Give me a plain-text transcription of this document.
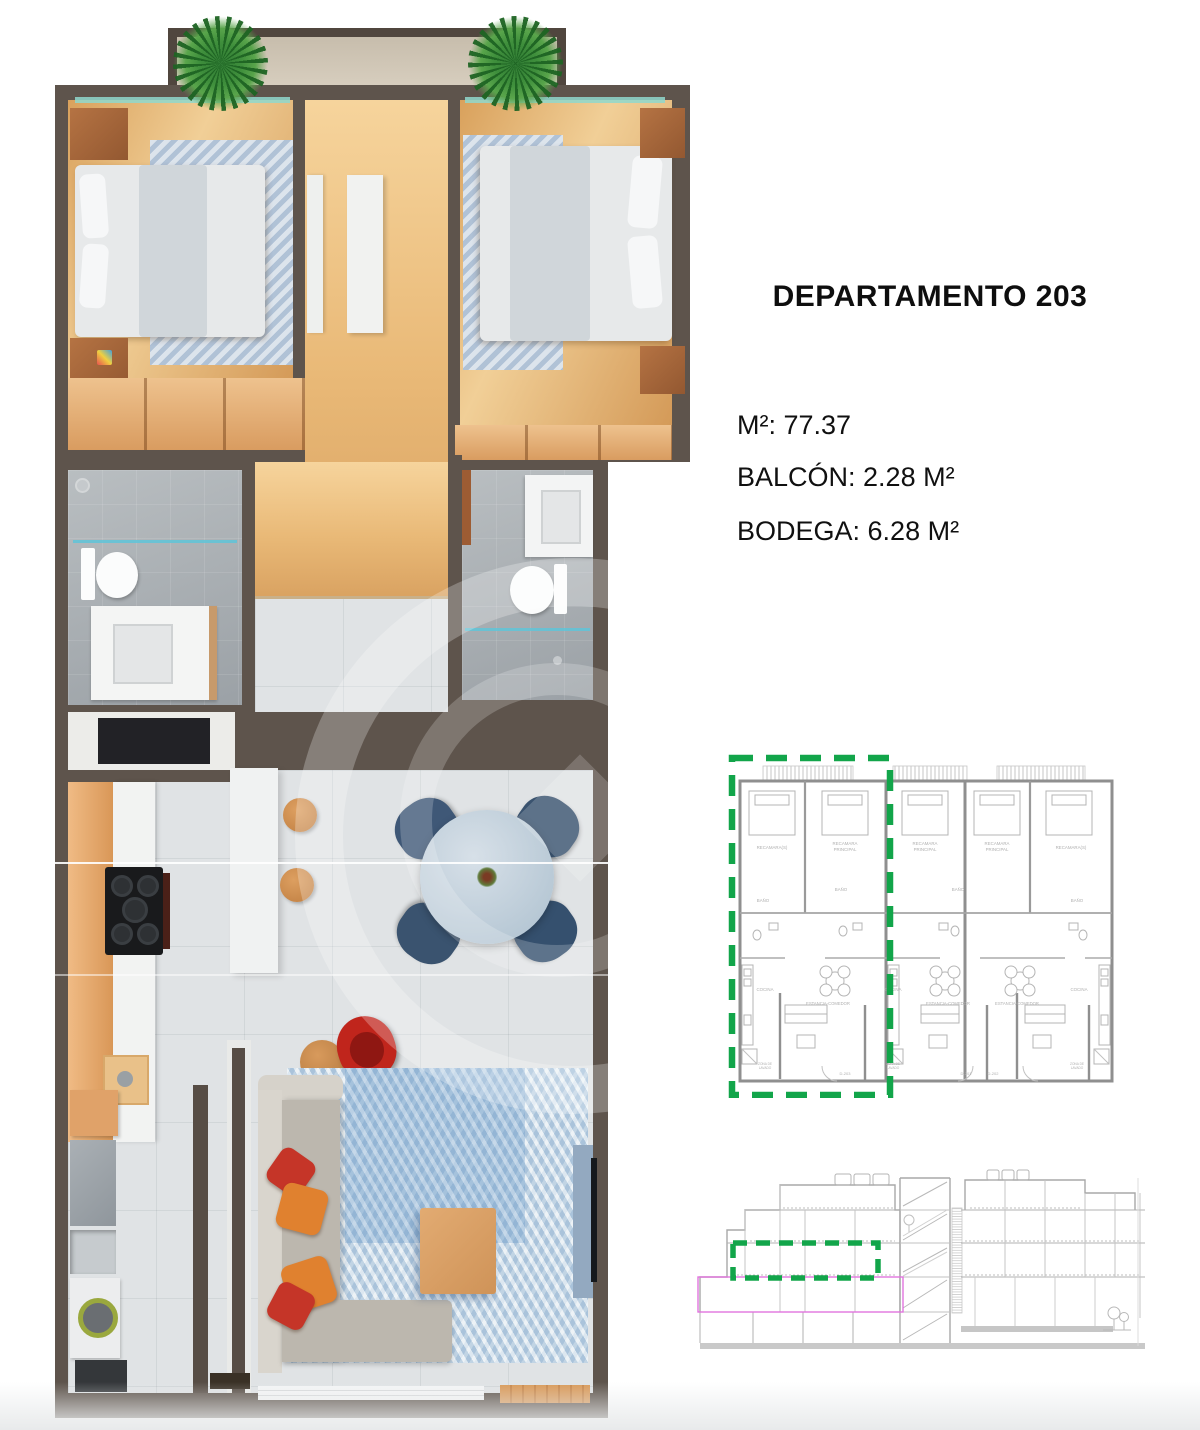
DEPARTAMENTO 203
M²: 77.37
BALCÓN: 2.28 M²
BODEGA: 6.28 M²
RECAMARA(S)
RECAMARA
PRINCIPAL
RECAMARA
PRINCIPAL
RECAMARA
PRINCIPAL	RECAMARA(S)
BAÑO
BAÑO	BAÑO
BAÑO
COCINA
ESTANCIA-COMEDOR
COCINA
ESTANCIA-COMEDOR	ESTANCIA-COMEDOR
COCINA
ZONA DE
LAVADO
ZONA DE
LAVADO
ZONA DE
LAVADO
D-203	D-201	D-202
